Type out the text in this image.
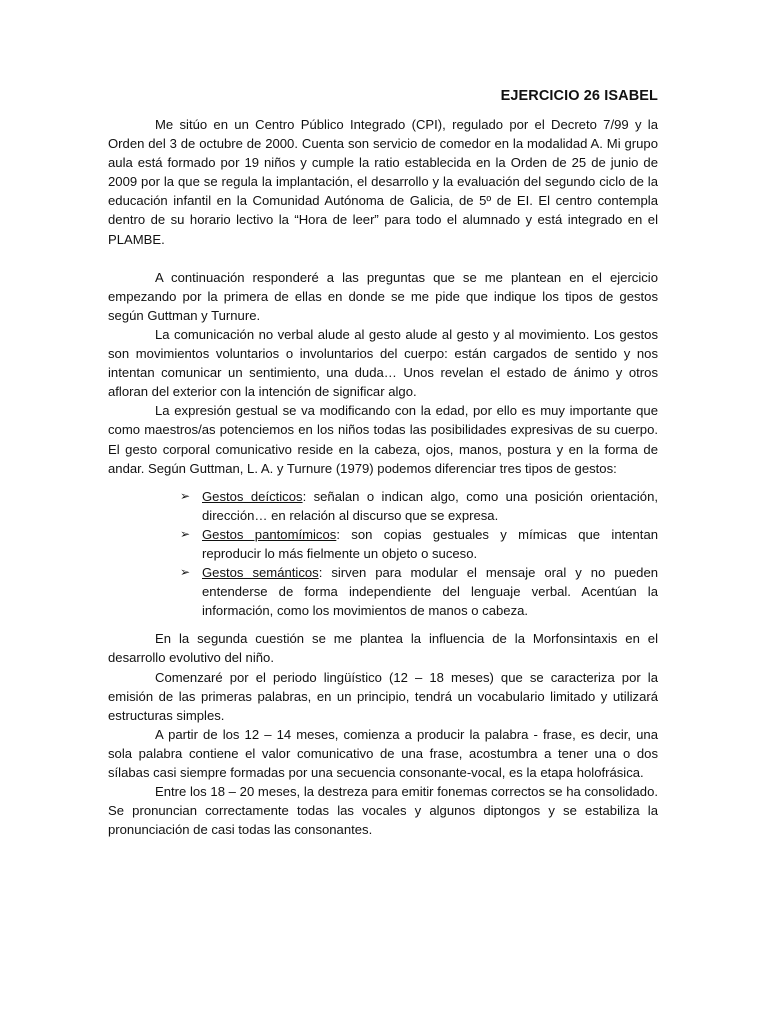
EJERCICIO 26 ISABEL

Me sitúo en un Centro Público Integrado (CPI), regulado por el Decreto 7/99 y la Orden del 3 de octubre de 2000. Cuenta son servicio de comedor en la modalidad A. Mi grupo aula está formado por 19 niños y cumple la ratio establecida en la Orden de 25 de junio de 2009 por la que se regula la implantación, el desarrollo y la evaluación del segundo ciclo de la educación infantil en la Comunidad Autónoma de Galicia, de 5º de EI. El centro contempla dentro de su horario lectivo la “Hora de leer” para todo el alumnado y está integrado en el PLAMBE.

A continuación responderé a las preguntas que se me plantean en el ejercicio empezando por la primera de ellas en donde se me pide que indique los tipos de gestos según Guttman y Turnure.

La comunicación no verbal alude al gesto alude al gesto y al movimiento. Los gestos son movimientos voluntarios o involuntarios del cuerpo: están cargados de sentido y nos intentan comunicar un sentimiento, una duda… Unos revelan el estado de ánimo y otros afloran del exterior con la intención de significar algo.

La expresión gestual se va modificando con la edad, por ello es muy importante que como maestros/as potenciemos en los niños todas las posibilidades expresivas de su cuerpo. El gesto corporal comunicativo reside en la cabeza, ojos, manos, postura y en la forma de andar. Según Guttman, L. A. y Turnure (1979) podemos diferenciar tres tipos de gestos:

➢ Gestos deícticos: señalan o indican algo, como una posición orientación, dirección… en relación al discurso que se expresa.
➢ Gestos pantomímicos: son copias gestuales y mímicas que intentan reproducir lo más fielmente un objeto o suceso.
➢ Gestos semánticos: sirven para modular el mensaje oral y no pueden entenderse de forma independiente del lenguaje verbal. Acentúan la información, como los movimientos de manos o cabeza.

En la segunda cuestión se me plantea la influencia de la Morfonsintaxis en el desarrollo evolutivo del niño.

Comenzaré por el periodo lingüístico (12 – 18 meses) que se caracteriza por la emisión de las primeras palabras, en un principio, tendrá un vocabulario limitado y utilizará estructuras simples.

A partir de los 12 – 14 meses, comienza a producir la palabra - frase, es decir, una sola palabra contiene el valor comunicativo de una frase, acostumbra a tener una o dos sílabas casi siempre formadas por una secuencia consonante-vocal, es la etapa holofrásica.

Entre los 18 – 20 meses, la destreza para emitir fonemas correctos se ha consolidado. Se pronuncian correctamente todas las vocales y algunos diptongos y se estabiliza la pronunciación de casi todas las consonantes.
